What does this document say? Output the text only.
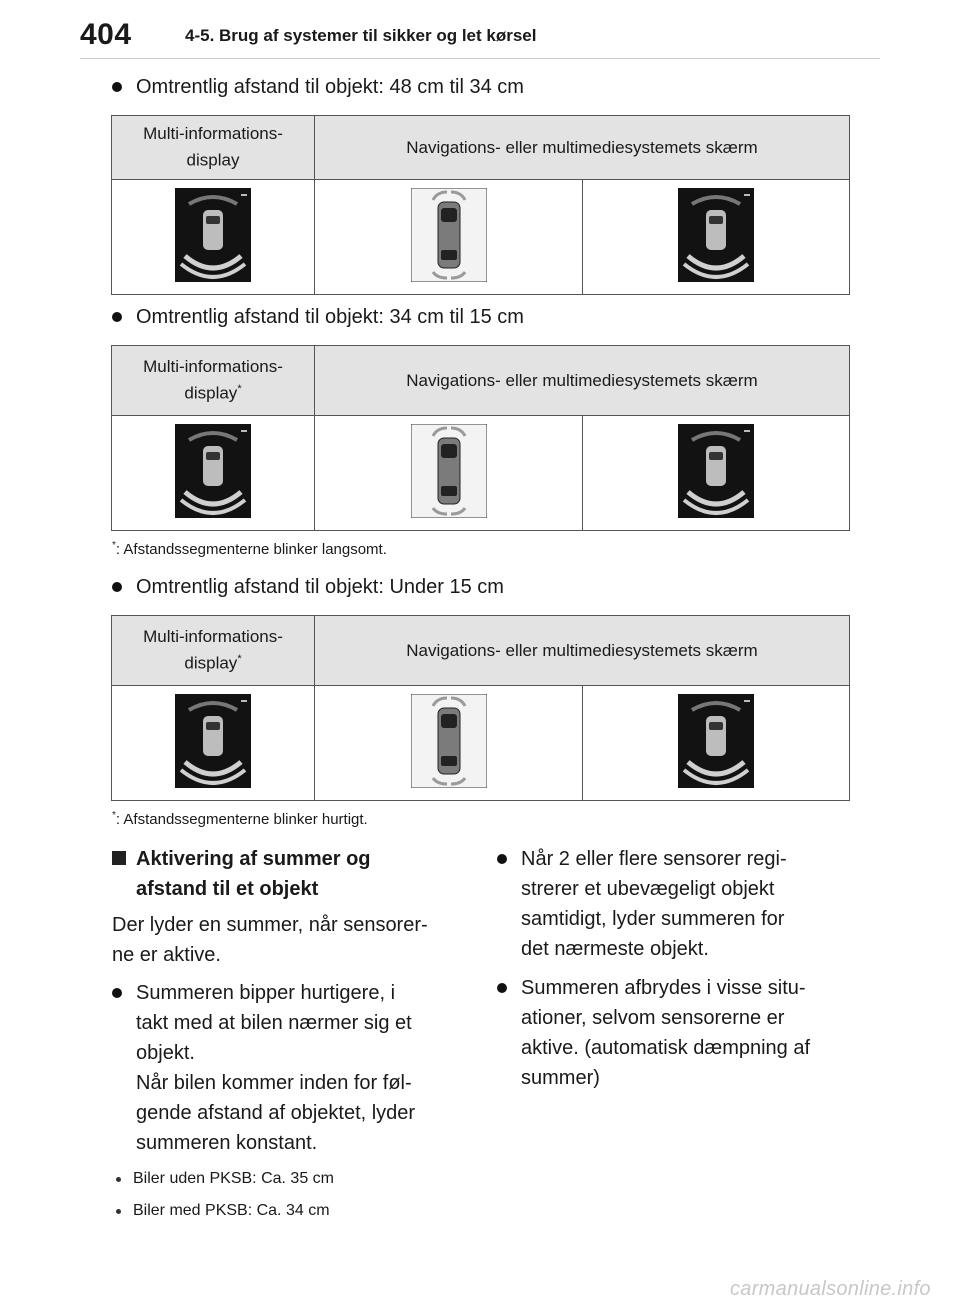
404	4-5. Brug af systemer til sikker og let kørsel
Omtrentlig afstand til objekt: 48 cm til 34 cm
Multi-informations-
display	Navigations- eller multimediesystemets skærm	

Omtrentlig afstand til objekt: 34 cm til 15 cm
Multi-informations-
display*	Navigations- eller multimediesystemets skærm	

*: Afstandssegmenterne blinker langsomt.
Omtrentlig afstand til objekt: Under 15 cm
Multi-informations-
display*	Navigations- eller multimediesystemets skærm	

*: Afstandssegmenterne blinker hurtigt.
Aktivering af summer og
afstand til et objekt
Der lyder en summer, når sensorer-
ne er aktive.
Summeren bipper hurtigere, i
takt med at bilen nærmer sig et
objekt.
Når bilen kommer inden for føl-
gende afstand af objektet, lyder
summeren konstant.
Biler uden PKSB: Ca. 35 cm
Biler med PKSB: Ca. 34 cm
Når 2 eller flere sensorer regi-
strerer et ubevægeligt objekt
samtidigt, lyder summeren for
det nærmeste objekt.
Summeren afbrydes i visse situ-
ationer, selvom sensorerne er
aktive. (automatisk dæmpning af
summer)
carmanualsonline.info
